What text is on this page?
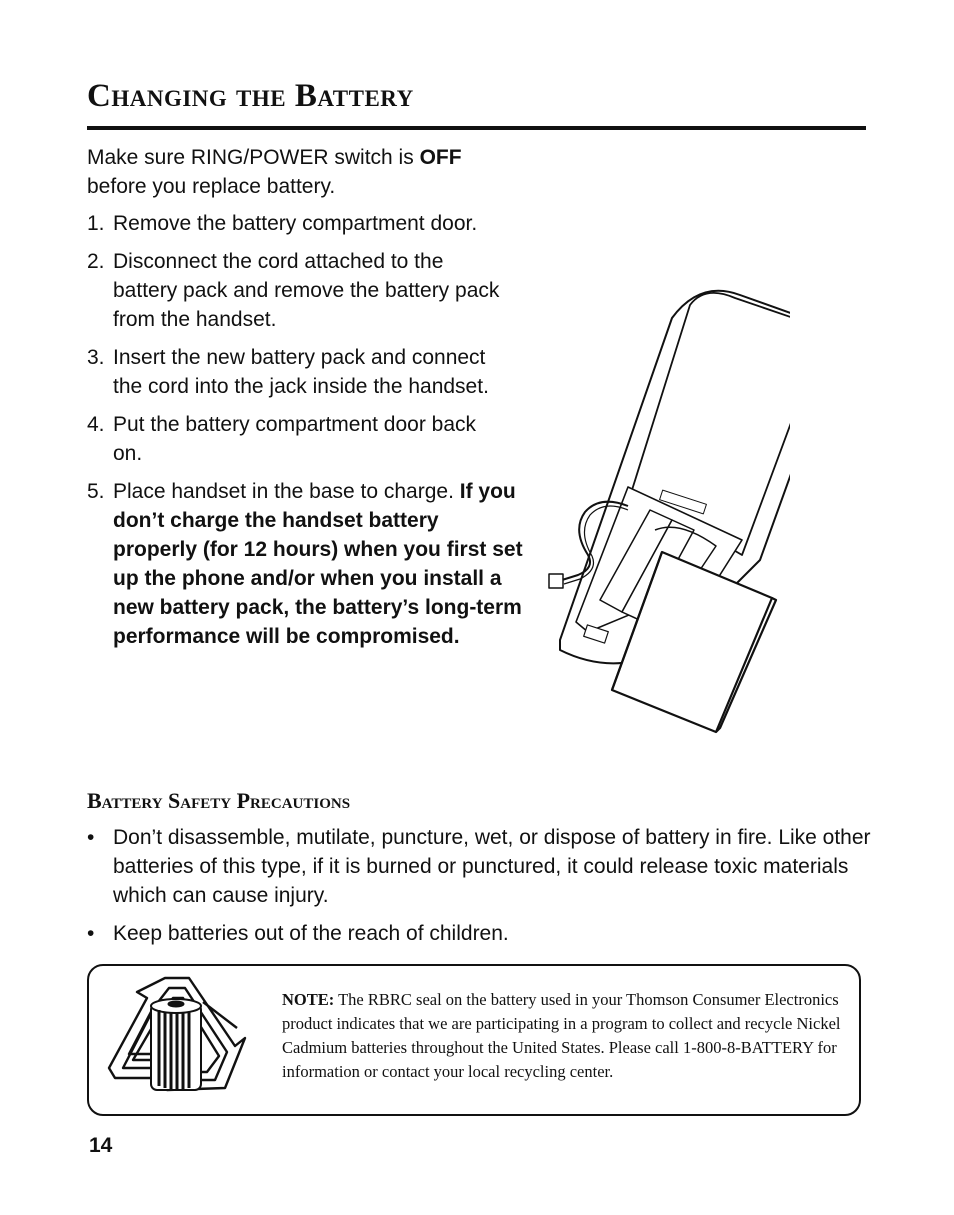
Changing the Battery
Make sure RING/POWER switch is OFF
before you replace battery.
1. Remove the battery compartment door.
2. Disconnect the cord attached to the battery pack and remove the battery pack from the handset.
3. Insert the new battery pack and connect the cord into the jack inside the handset.
4. Put the battery compartment door back on.
5. Place handset in the base to charge. If you don’t charge the handset battery properly (for 12 hours) when you first set up the phone and/or when you install a new battery pack, the battery’s long-term performance will be compromised.
Battery Safety Precautions
• Don’t disassemble, mutilate, puncture, wet, or dispose of battery in fire. Like other batteries of this type, if it is burned or punctured, it could release toxic materials which can cause injury.
• Keep batteries out of the reach of children.
NOTE: The RBRC seal on the battery used in your Thomson Consumer Electronics product indicates that we are participating in a program to collect and recycle Nickel Cadmium batteries throughout the United States. Please call 1-800-8-BATTERY for information or contact your local recycling center.
14
